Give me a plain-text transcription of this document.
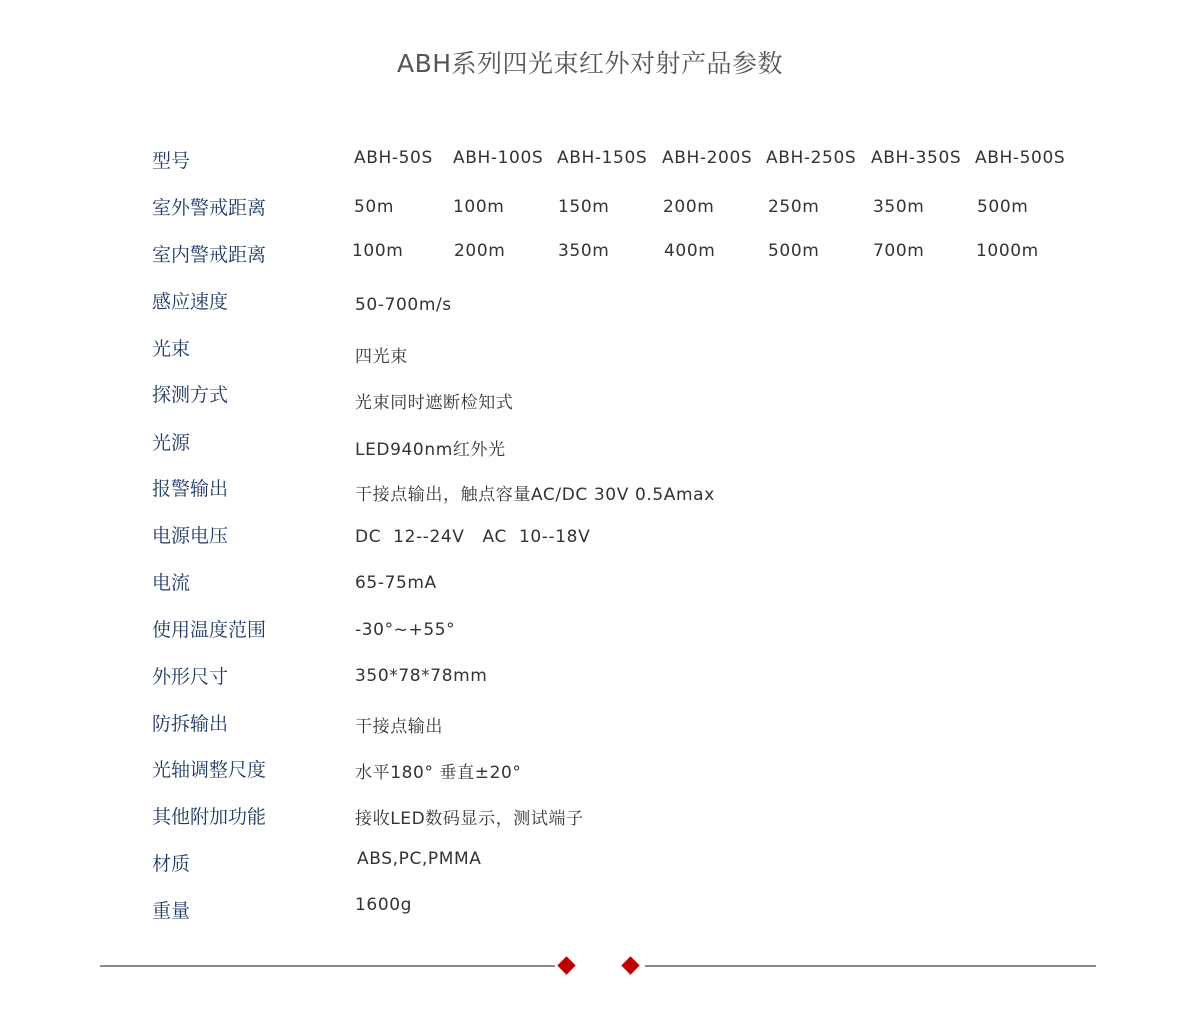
ABH系列四光束红外对射产品参数
型号	ABH-50S ABH-100S ABH-150S ABH-200S ABH-250S ABH-350S ABH-500S
室外警戒距离	50m	100m	150m	200m	250m	350m	500m
室内警戒距离	100m	200m	350m	400m	500m	700m	1000m
感应速度	50-700m/s
光束	四光束
探测方式	光束同时遮断检知式
光源	LED940nm红外光
报警输出	干接点输出，触点容量AC/DC 30V 0.5Amax
电源电压	DC  12--24V   AC  10--18V
电流	65-75mA
使用温度范围	-30°~+55°
外形尺寸	350*78*78mm
防拆输出	干接点输出
光轴调整尺度	水平180° 垂直±20°
其他附加功能	接收LED数码显示，测试端子
材质	ABS,PC,PMMA
重量	1600g
